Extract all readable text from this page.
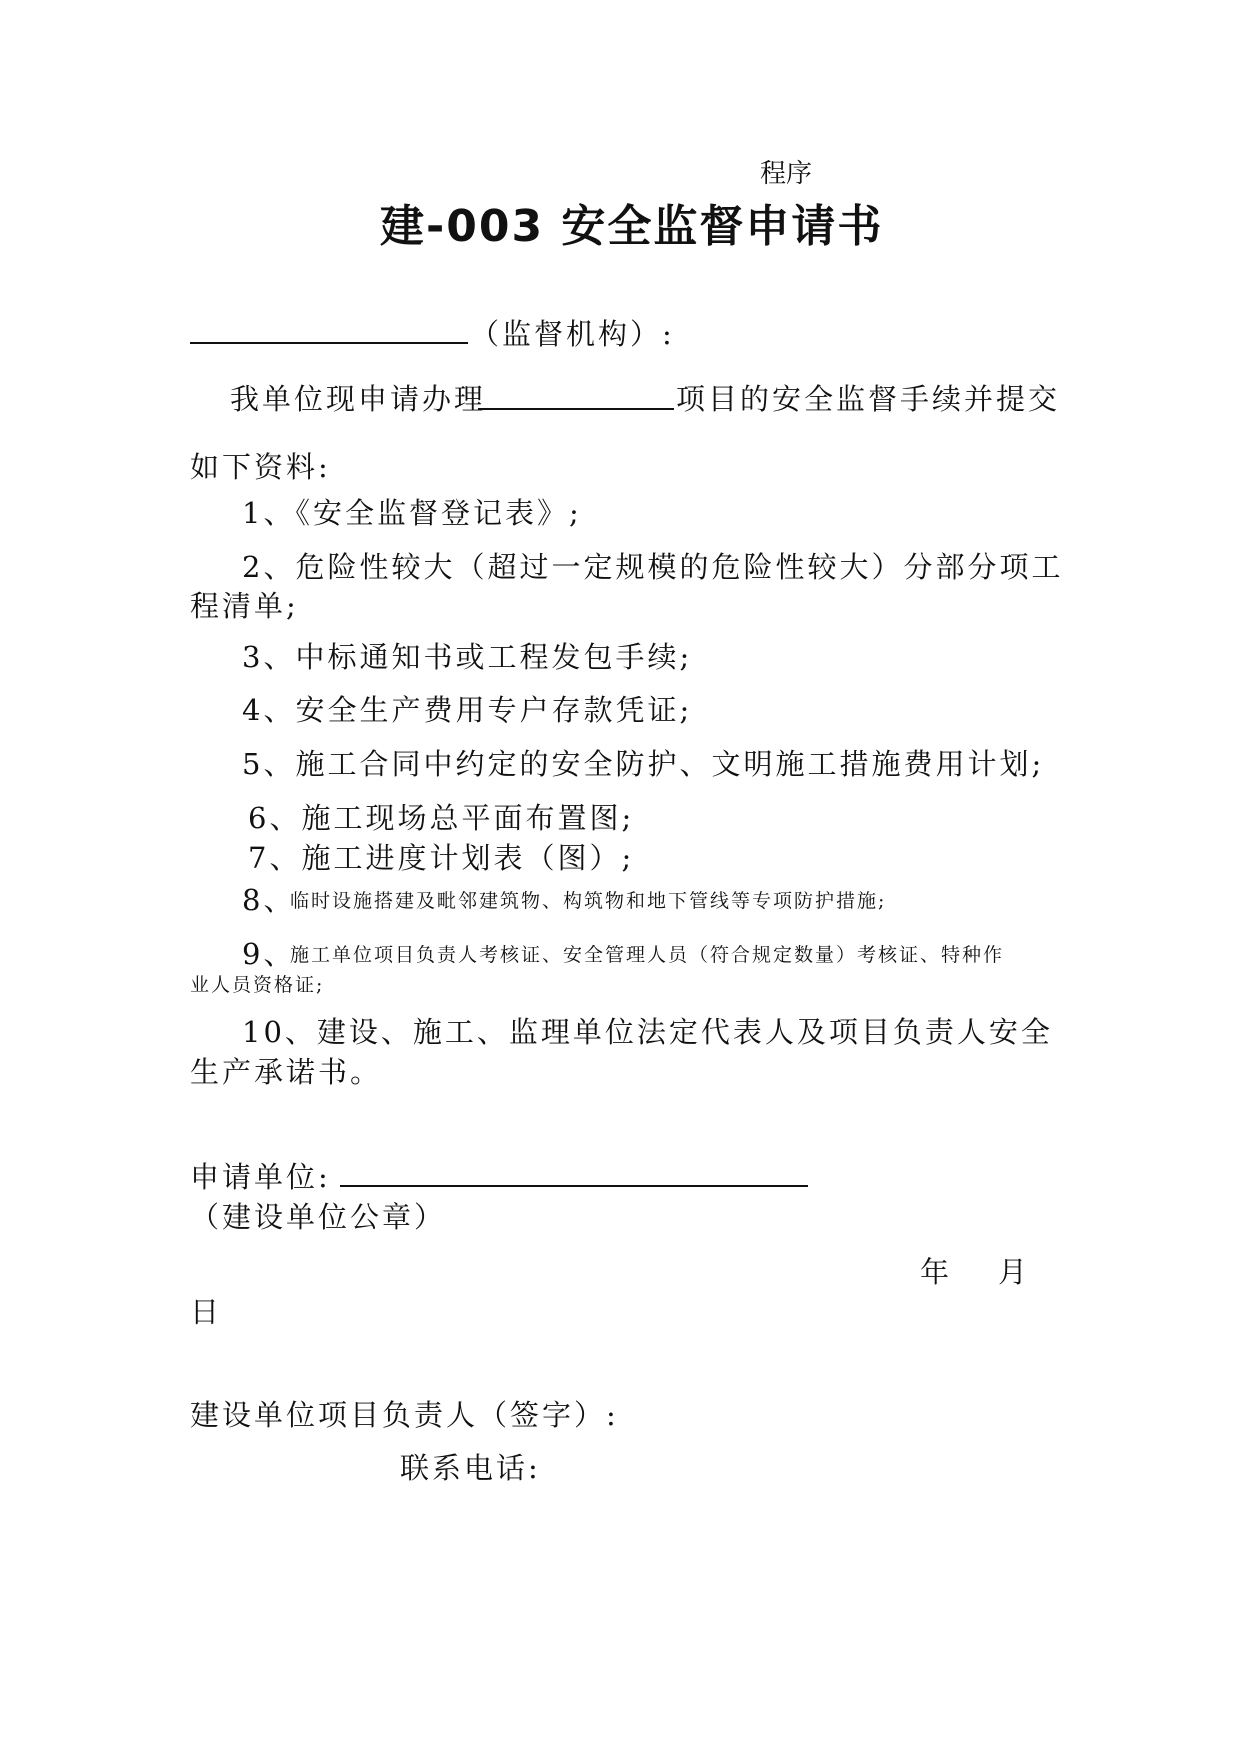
程序
建-003 安全监督申请书
（监督机构）:
我单位现申请办理	项目的安全监督手续并提交
如下资料:
1、《安全监督登记表》;
2、危险性较大（超过一定规模的危险性较大）分部分项工
程清单;
3、中标通知书或工程发包手续;
4、安全生产费用专户存款凭证;
5、施工合同中约定的安全防护、文明施工措施费用计划;
6、施工现场总平面布置图;
7、施工进度计划表（图）;
8、
临时设施搭建及毗邻建筑物、构筑物和地下管线等专项防护措施;
9、
施工单位项目负责人考核证、安全管理人员（符合规定数量）考核证、特种作
业人员资格证;
10、建设、施工、监理单位法定代表人及项目负责人安全
生产承诺书。
申请单位:
（建设单位公章）
年 月
日
建设单位项目负责人（签字）:
联系电话:
